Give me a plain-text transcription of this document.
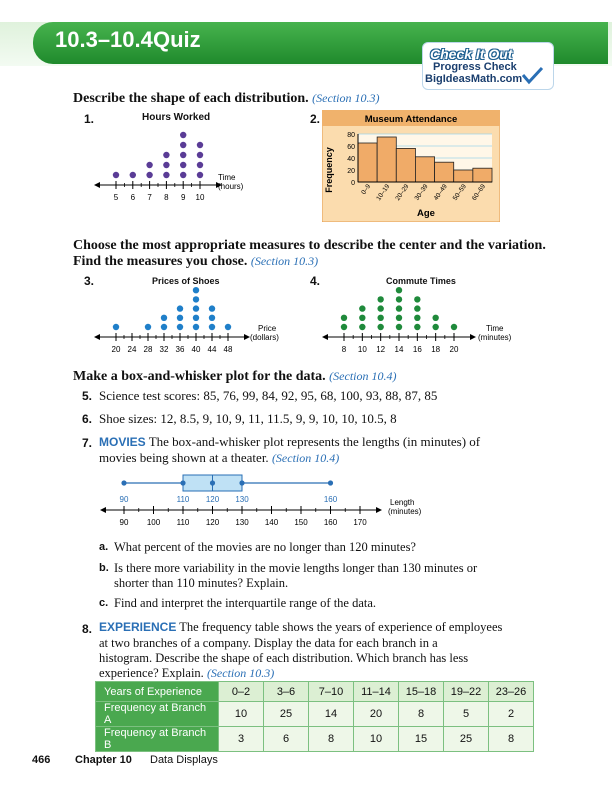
10.3–10.4 Quiz
Check It Out
Progress Check
BigIdeasMath.com
Describe the shape of each distribution. (Section 10.3)
1.	Hours Worked
5 6 7 8 9 10
Time
(hours)
2.	Museum Attendance
Frequency
Age
80
60
40
20
0 0–9 10–19 20–29 30–39 40–49 50–59 60–69
Choose the most appropriate measures to describe the center and the variation.
Find the measures you chose. (Section 10.3)
3.	Prices of Shoes
20 24 28 32 36 40 44 48
Price
(dollars)
4.	Commute Times
8 10 12 14 16 18 20
Time
(minutes)
Make a box-and-whisker plot for the data. (Section 10.4)
5. Science test scores: 85, 76, 99, 84, 92, 95, 68, 100, 93, 88, 87, 85
6. Shoe sizes: 12, 8.5, 9, 10, 9, 11, 11.5, 9, 9, 10, 10, 10.5, 8
7. MOVIES The box-and-whisker plot represents the lengths (in minutes) of
movies being shown at a theater. (Section 10.4)
90 100 110 120 130 140 150 160 170
90	110 120 130	160	Length
(minutes)
a. What percent of the movies are no longer than 120 minutes?
b. Is there more variability in the movie lengths longer than 130 minutes or
shorter than 110 minutes? Explain.
c. Find and interpret the interquartile range of the data.
8. EXPERIENCE The frequency table shows the years of experience of employees
at two branches of a company. Display the data for each branch in a
histogram. Describe the shape of each distribution. Which branch has less
experience? Explain. (Section 10.3)
Years of Experience	0–2	3–6	7–10	11–14	15–18	19–22	23–26
Frequency at Branch A	10	25	14	20	8	5	2
Frequency at Branch B	3	6	8	10	15	25	8
466 Chapter 10 Data Displays
